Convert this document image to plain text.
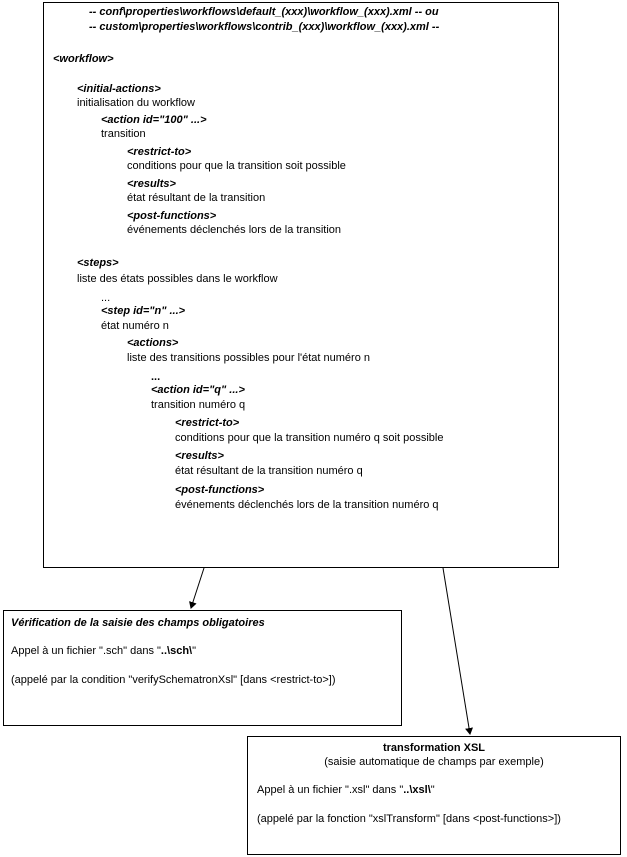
-- conf\properties\workflows\default_(xxx)\workflow_(xxx).xml -- ou
-- custom\properties\workflows\contrib_(xxx)\workflow_(xxx).xml --
<workflow>
<initial-actions>
initialisation du workflow
<action id="100" ...>
transition
<restrict-to>
conditions pour que la transition soit possible
<results>
état résultant de la transition
<post-functions>
événements déclenchés lors de la transition
<steps>
liste des états possibles dans le workflow
...
<step id="n" ...>
état numéro n
<actions>
liste des transitions possibles pour l'état numéro n
...
<action id="q" ...>
transition numéro q
<restrict-to>
conditions pour que la transition numéro q soit possible
<results>
état résultant de la transition numéro q
<post-functions>
événements déclenchés lors de la transition numéro q
Vérification de la saisie des champs obligatoires
Appel à un fichier ".sch" dans "..\sch\"
(appelé par la condition "verifySchematronXsl" [dans <restrict-to>])
transformation XSL
(saisie automatique de champs par exemple)
Appel à un fichier ".xsl" dans "..\xsl\"
(appelé par la fonction "xslTransform" [dans <post-functions>])
